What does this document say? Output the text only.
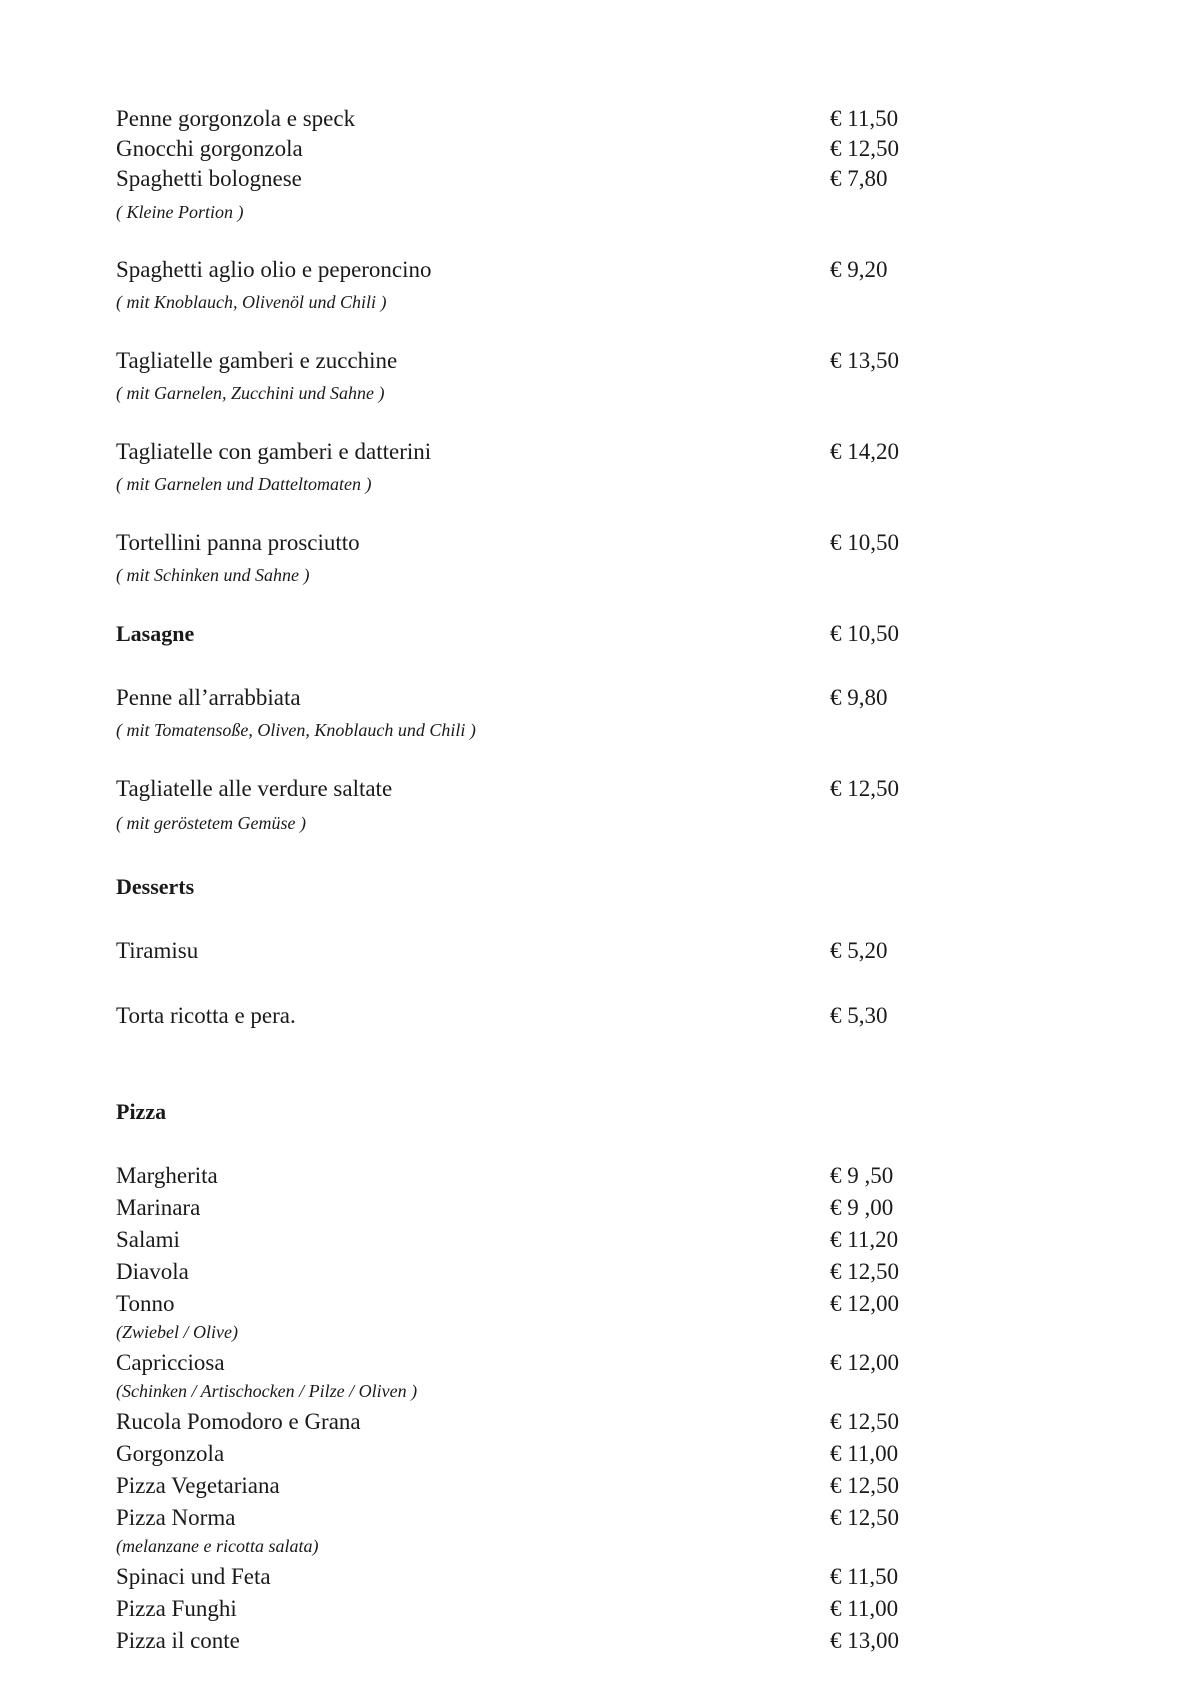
Penne gorgonzola e speck	€ 11,50
Gnocchi gorgonzola	€ 12,50
Spaghetti bolognese	€ 7,80
( Kleine Portion )
Spaghetti aglio olio e peperoncino	€ 9,20
( mit Knoblauch, Olivenöl und Chili )
Tagliatelle gamberi e zucchine	€ 13,50
( mit Garnelen, Zucchini und Sahne )
Tagliatelle con gamberi e datterini	€ 14,20
( mit Garnelen und Datteltomaten )
Tortellini panna prosciutto	€ 10,50
( mit Schinken und Sahne )
Lasagne	€ 10,50
Penne all’arrabbiata	€ 9,80
( mit Tomatensoße, Oliven, Knoblauch und Chili )
Tagliatelle alle verdure saltate	€ 12,50
( mit geröstetem Gemüse )
Desserts
Tiramisu	€ 5,20
Torta ricotta e pera.	€ 5,30
Pizza
Margherita	€ 9 ,50
Marinara	€ 9 ,00
Salami	€ 11,20
Diavola	€ 12,50
Tonno	€ 12,00
(Zwiebel / Olive)
Capricciosa	€ 12,00
(Schinken / Artischocken / Pilze / Oliven )
Rucola Pomodoro e Grana	€ 12,50
Gorgonzola	€ 11,00
Pizza Vegetariana	€ 12,50
Pizza Norma	€ 12,50
(melanzane e ricotta salata)
Spinaci und Feta	€ 11,50
Pizza Funghi	€ 11,00
Pizza il conte	€ 13,00
